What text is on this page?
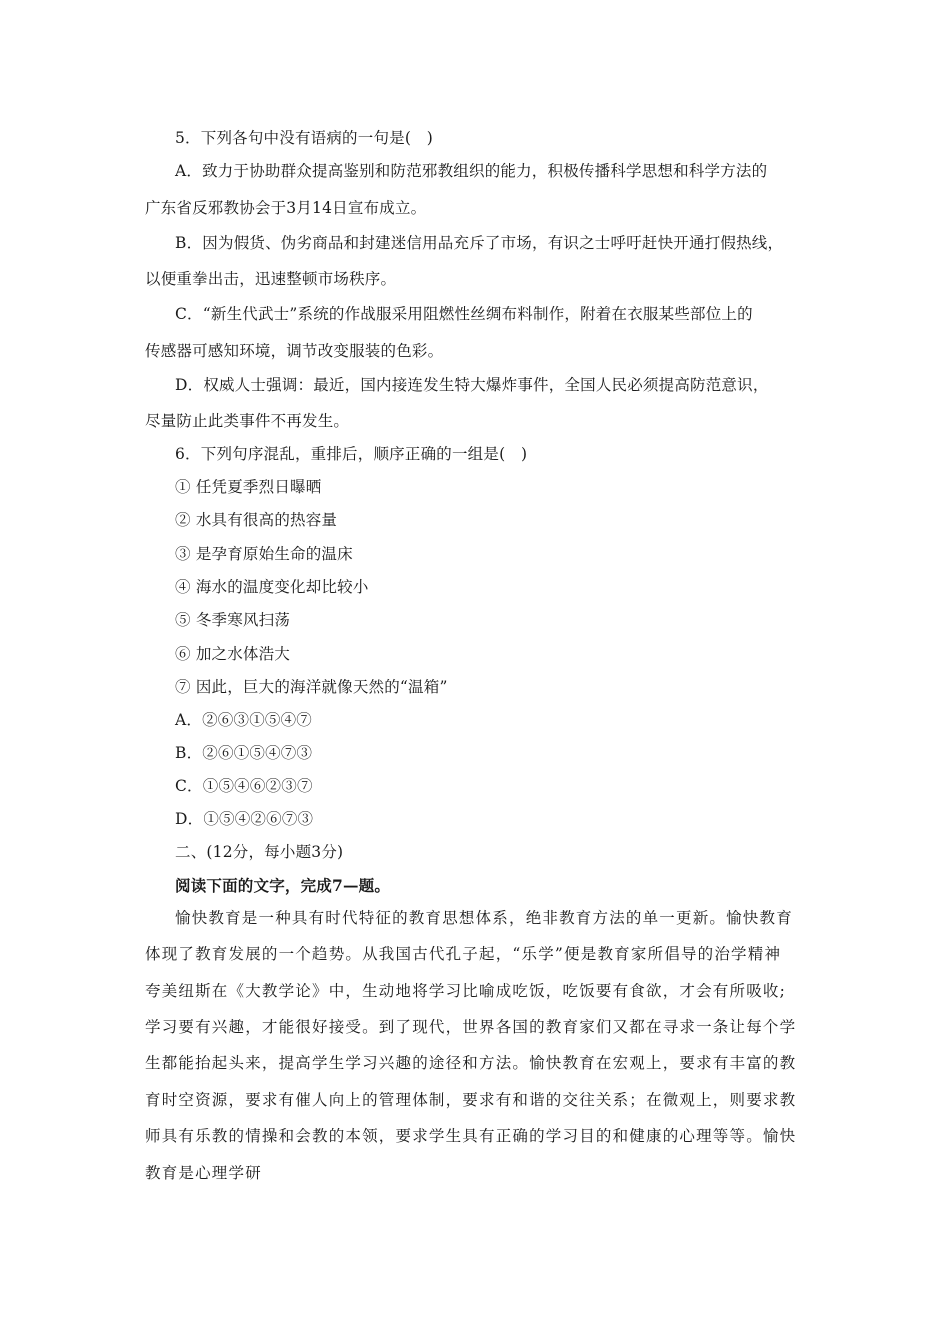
5．下列各句中没有语病的一句是(　)
A．致力于协助群众提高鉴别和防范邪教组织的能力，积极传播科学思想和科学方法的
广东省反邪教协会于3月14日宣布成立。
B．因为假货、伪劣商品和封建迷信用品充斥了市场，有识之士呼吁赶快开通打假热线，
以便重拳出击，迅速整顿市场秩序。
C．“新生代武士”系统的作战服采用阻燃性丝绸布料制作，附着在衣服某些部位上的
传感器可感知环境，调节改变服装的色彩。
D．权威人士强调：最近，国内接连发生特大爆炸事件，全国人民必须提高防范意识，
尽量防止此类事件不再发生。
6．下列句序混乱，重排后，顺序正确的一组是(　)
① 任凭夏季烈日曝晒
② 水具有很高的热容量
③ 是孕育原始生命的温床
④ 海水的温度变化却比较小
⑤ 冬季寒风扫荡
⑥ 加之水体浩大
⑦ 因此，巨大的海洋就像天然的“温箱”
A．②⑥③①⑤④⑦
B．②⑥①⑤④⑦③
C．①⑤④⑥②③⑦
D．①⑤④②⑥⑦③
二、(12分，每小题3分)
阅读下面的文字，完成7—题。
愉快教育是一种具有时代特征的教育思想体系，绝非教育方法的单一更新。愉快教育
体现了教育发展的一个趋势。从我国古代孔子起，“乐学”便是教育家所倡导的治学精神
夸美纽斯在《大教学论》中，生动地将学习比喻成吃饭，吃饭要有食欲，才会有所吸收;
学习要有兴趣，才能很好接受。到了现代，世界各国的教育家们又都在寻求一条让每个学
生都能抬起头来，提高学生学习兴趣的途径和方法。愉快教育在宏观上，要求有丰富的教
育时空资源，要求有催人向上的管理体制，要求有和谐的交往关系；在微观上，则要求教
师具有乐教的情操和会教的本领，要求学生具有正确的学习目的和健康的心理等等。愉快
教育是心理学研
